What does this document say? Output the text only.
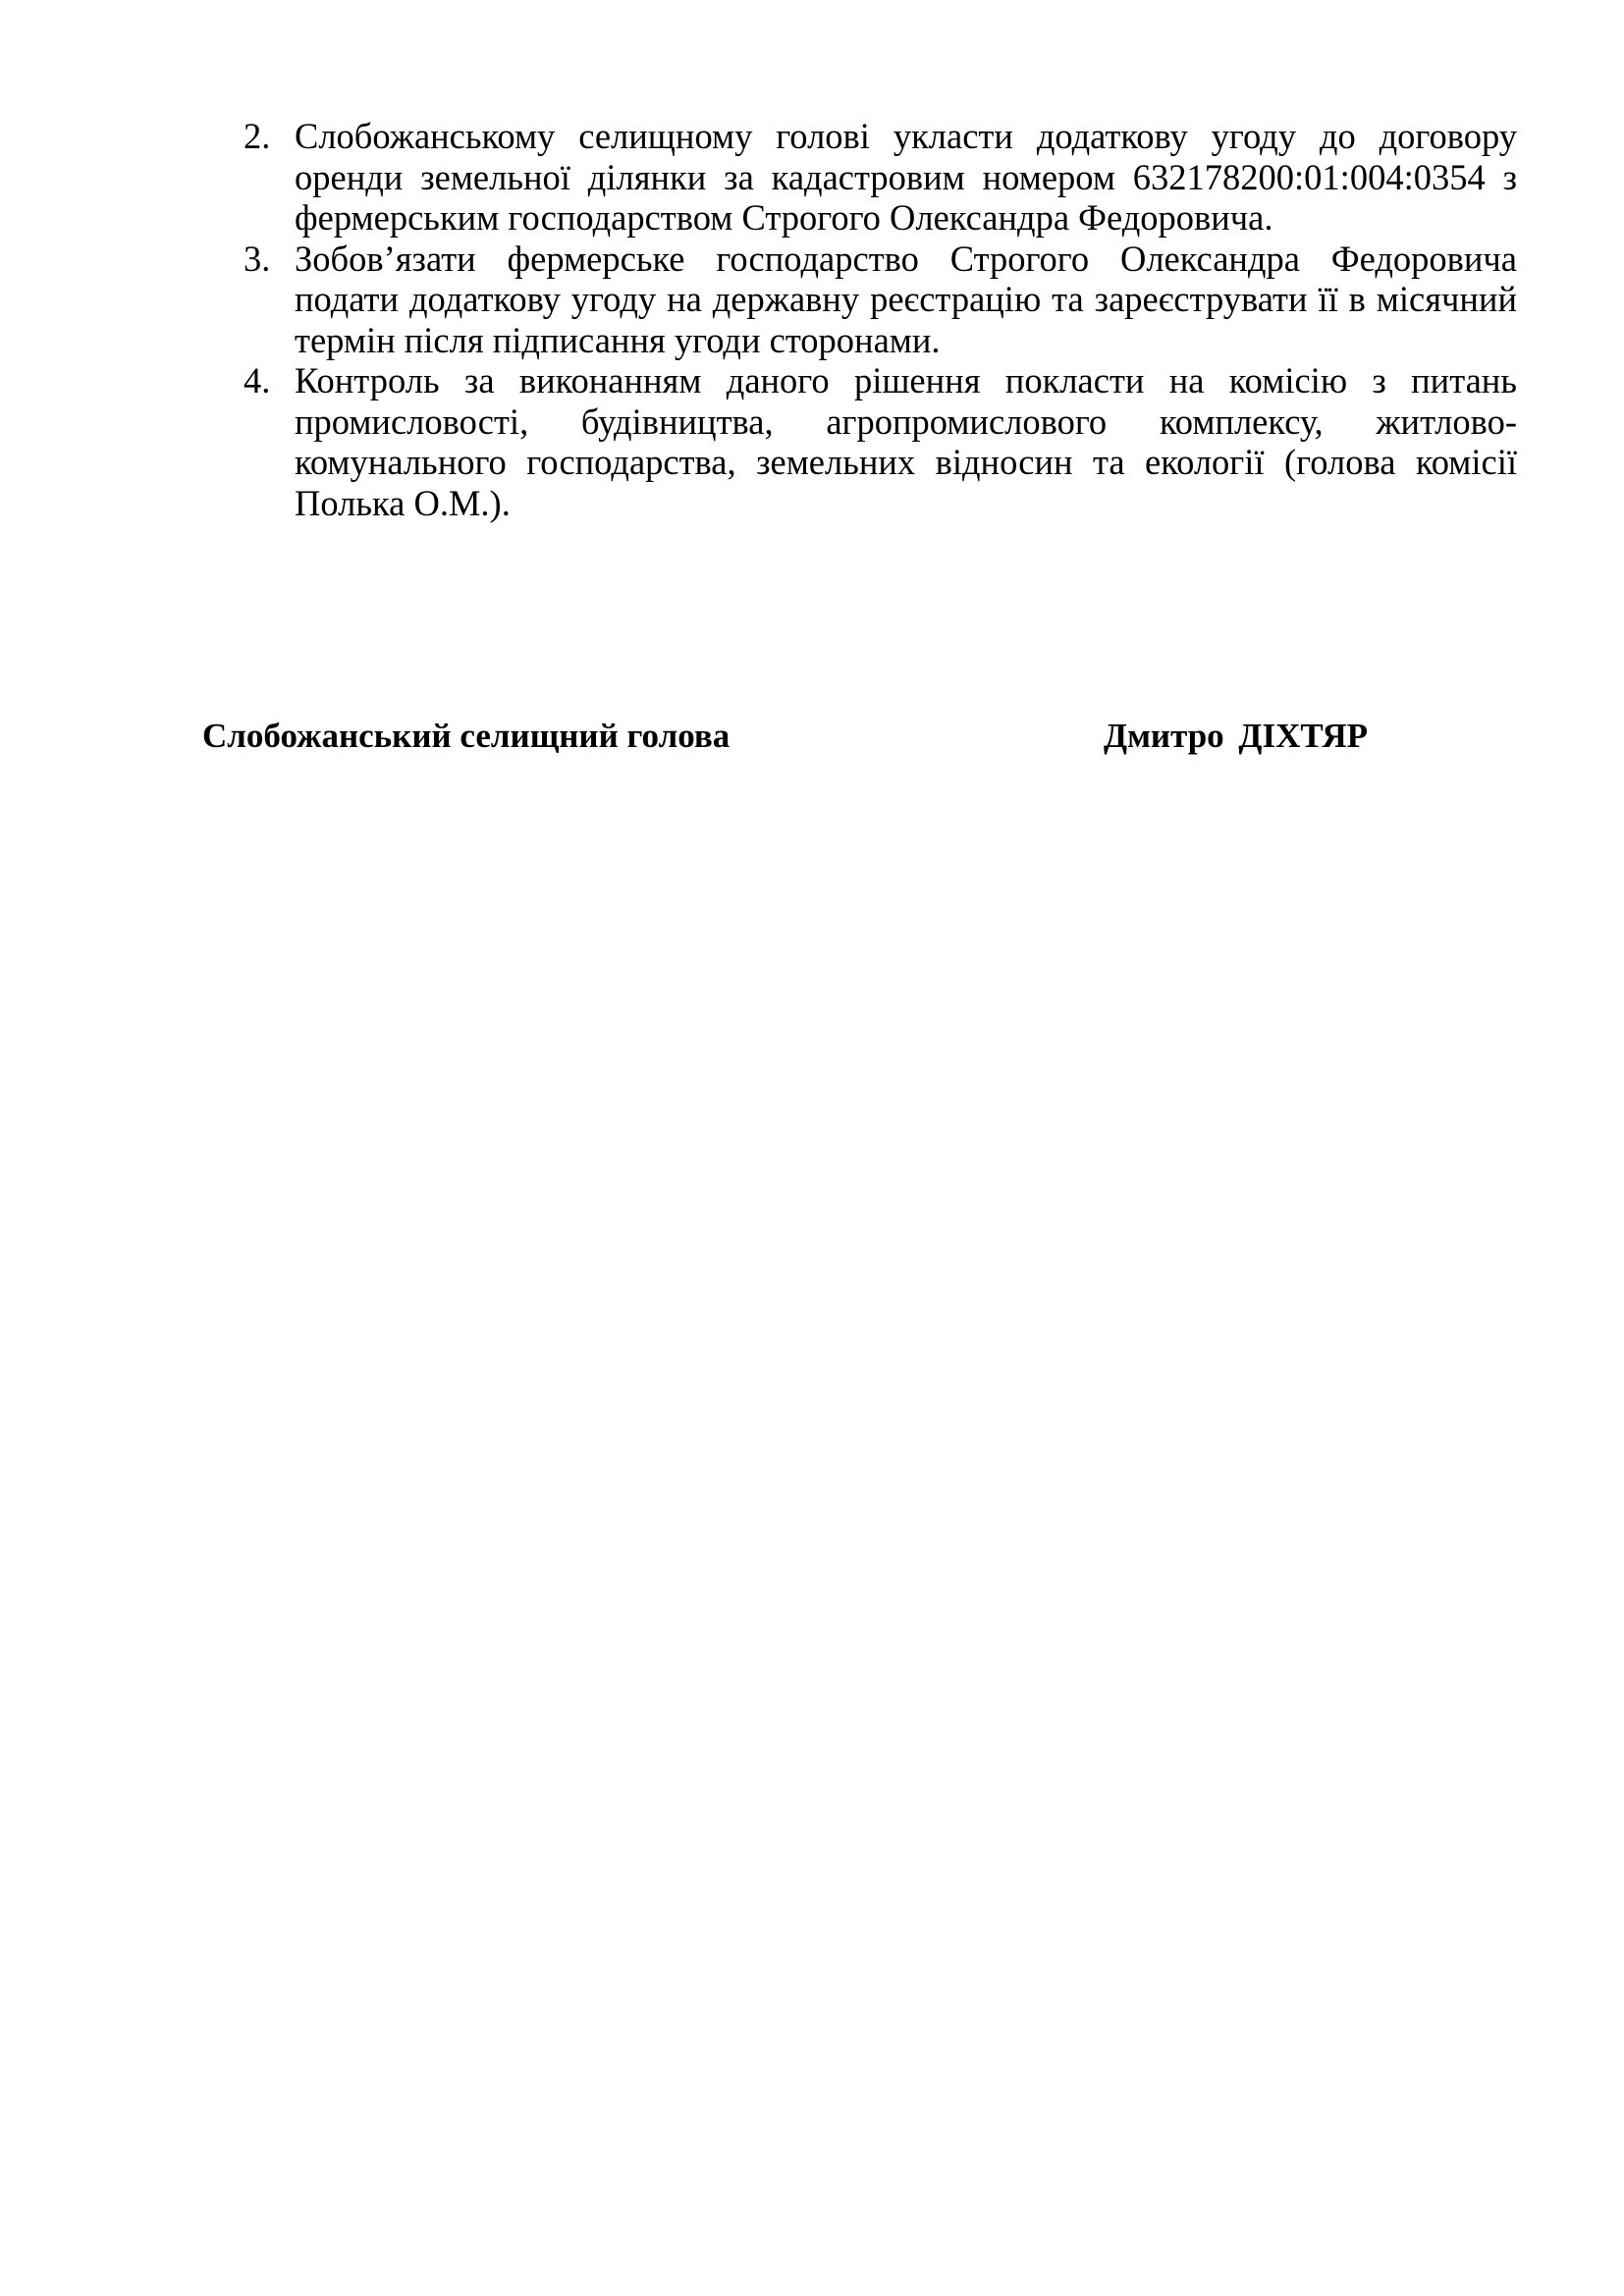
2. Слобожанському селищному голові укласти додаткову угоду до договору оренди земельної ділянки за кадастровим номером 632178200:01:004:0354 з фермерським господарством Строгого Олександра Федоровича.
3. Зобов’язати фермерське господарство Строгого Олександра Федоровича подати додаткову угоду на державну реєстрацію та зареєструвати її в місячний термін після підписання угоди сторонами.
4. Контроль за виконанням даного рішення покласти на комісію з питань промисловості, будівництва, агропромислового комплексу, житлово-комунального господарства, земельних відносин та екології (голова комісії Полька О.М.).
Слобожанський селищний голова	Дмитро ДІХТЯР
